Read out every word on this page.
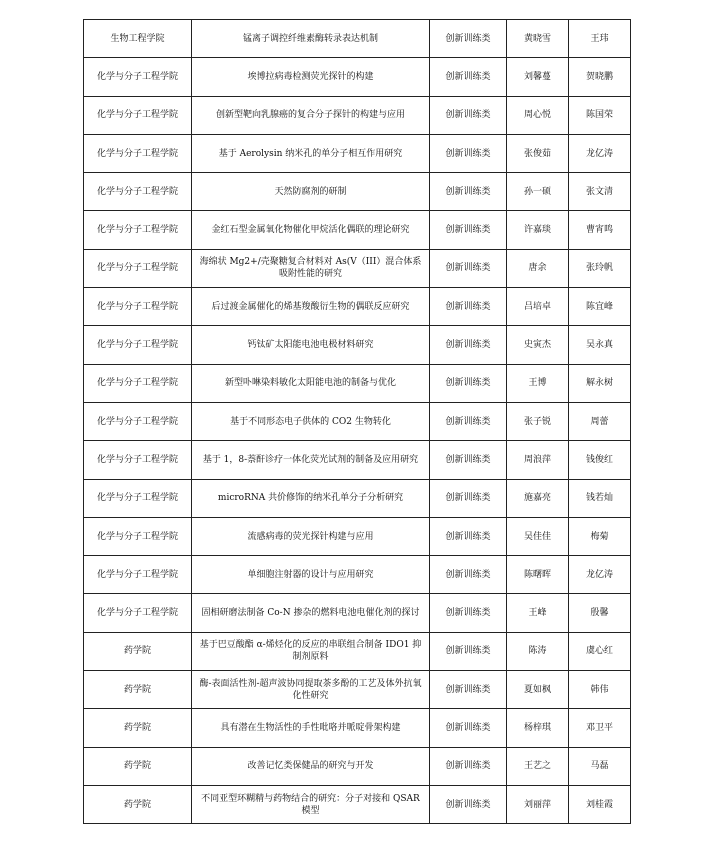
生物工程学院	锰离子调控纤维素酶转录表达机制	创新训练类	黄晓雪	王玮
化学与分子工程学院	埃博拉病毒检测荧光探针的构建	创新训练类	刘馨蔓	贺晓鹏
化学与分子工程学院	创新型靶向乳腺癌的复合分子探针的构建与应用	创新训练类	周心悦	陈国荣
化学与分子工程学院	基于 Aerolysin 纳米孔的单分子相互作用研究	创新训练类	张俊茹	龙亿涛
化学与分子工程学院	天然防腐剂的研制	创新训练类	孙一硕	张文清
化学与分子工程学院	金红石型金属氧化物催化甲烷活化偶联的理论研究	创新训练类	许嘉琰	曹宵鸣
化学与分子工程学院	海绵状 Mg2+/壳聚糖复合材料对 As(V（III）混合体系吸附性能的研究	创新训练类	唐余	张玲帆
化学与分子工程学院	后过渡金属催化的烯基羧酸衍生物的偶联反应研究	创新训练类	吕培卓	陈宜峰
化学与分子工程学院	钙钛矿太阳能电池电极材料研究	创新训练类	史寅杰	吴永真
化学与分子工程学院	新型卟啉染料敏化太阳能电池的制备与优化	创新训练类	王博	解永树
化学与分子工程学院	基于不同形态电子供体的 CO2 生物转化	创新训练类	张子锐	周蕾
化学与分子工程学院	基于 1，8-萘酐诊疗一体化荧光试剂的制备及应用研究	创新训练类	周浪萍	钱俊红
化学与分子工程学院	microRNA 共价修饰的纳米孔单分子分析研究	创新训练类	施嘉亮	钱若灿
化学与分子工程学院	流感病毒的荧光探针构建与应用	创新训练类	吴佳佳	梅菊
化学与分子工程学院	单细胞注射器的设计与应用研究	创新训练类	陈曙晖	龙亿涛
化学与分子工程学院	固相研磨法制备 Co-N 掺杂的燃料电池电催化剂的探讨	创新训练类	王峰	殷馨
药学院	基于巴豆酸酯 α-烯烃化的反应的串联组合制备 IDO1 抑制剂原料	创新训练类	陈涛	虞心红
药学院	酶-表面活性剂-超声波协同提取茶多酚的工艺及体外抗氧化性研究	创新训练类	夏如枫	韩伟
药学院	具有潜在生物活性的手性吡咯并哌啶骨架构建	创新训练类	杨梓琪	邓卫平
药学院	改善记忆类保健品的研究与开发	创新训练类	王艺之	马磊
药学院	不同亚型环糊精与药物结合的研究：分子对接和 QSAR 模型	创新训练类	刘丽萍	刘桂霞
